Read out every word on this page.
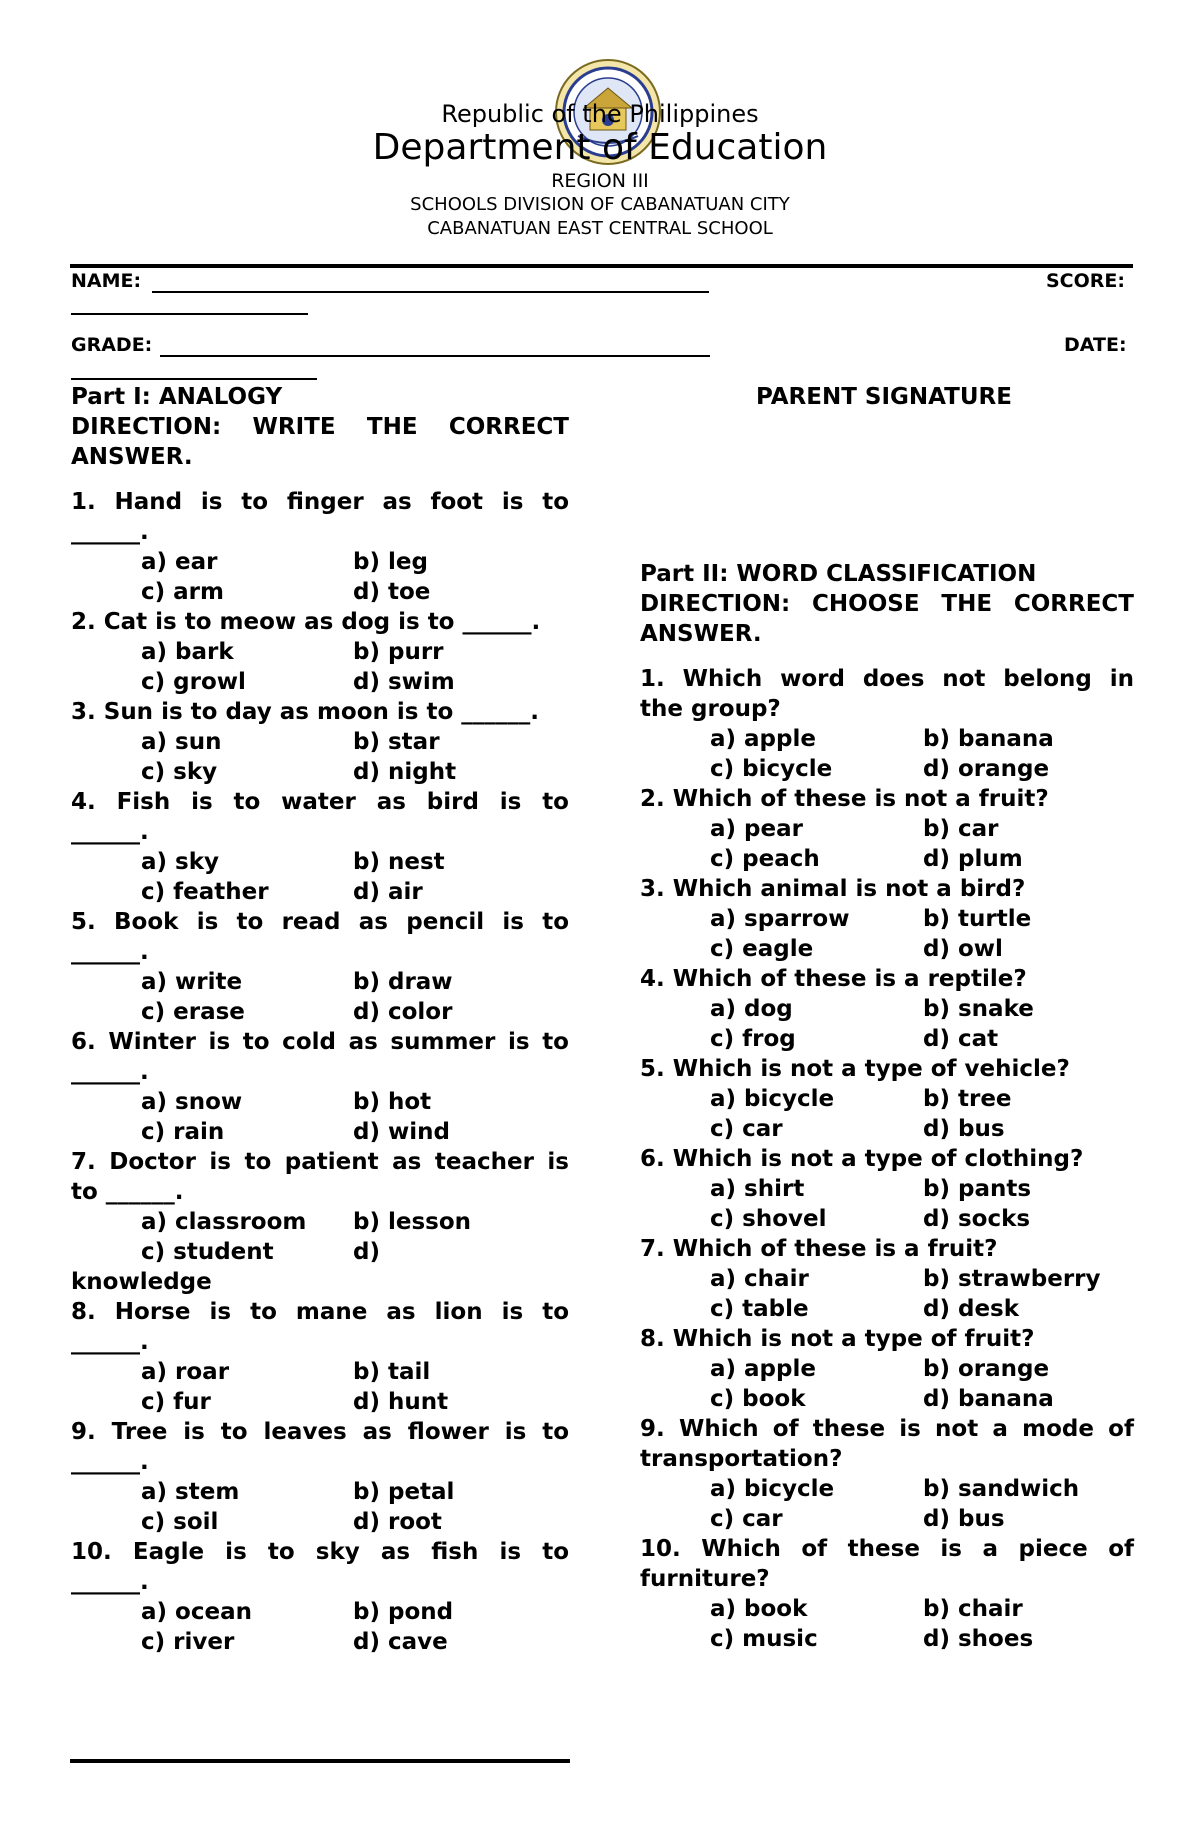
Republic of the Philippines
Department of Education
REGION III
SCHOOLS DIVISION OF CABANATUAN CITY
CABANATUAN EAST CENTRAL SCHOOL
NAME:	SCORE:
GRADE:	DATE:
PARENT SIGNATURE
Part I: ANALOGY
DIRECTION: WRITE THE CORRECT
ANSWER.
1. Hand is to finger as foot is to
______.
a) ear	b) leg
c) arm	d) toe
2. Cat is to meow as dog is to ______.
a) bark	b) purr
c) growl	d) swim
3. Sun is to day as moon is to ______.
a) sun	b) star
c) sky	d) night
4. Fish is to water as bird is to
______.
a) sky	b) nest
c) feather	d) air
5. Book is to read as pencil is to
______.
a) write	b) draw
c) erase	d) color
6. Winter is to cold as summer is to
______.
a) snow	b) hot
c) rain	d) wind
7. Doctor is to patient as teacher is
to ______.
a) classroom b) lesson
c) student	d)
knowledge
8. Horse is to mane as lion is to
______.
a) roar	b) tail
c) fur	d) hunt
9. Tree is to leaves as flower is to
______.
a) stem	b) petal
c) soil	d) root
10. Eagle is to sky as fish is to
______.
a) ocean	b) pond
c) river	d) cave
Part II: WORD CLASSIFICATION
DIRECTION: CHOOSE THE CORRECT
ANSWER.
1. Which word does not belong in
the group?
a) apple	b) banana
c) bicycle	d) orange
2. Which of these is not a fruit?
a) pear	b) car
c) peach	d) plum
3. Which animal is not a bird?
a) sparrow	b) turtle
c) eagle	d) owl
4. Which of these is a reptile?
a) dog	b) snake
c) frog	d) cat
5. Which is not a type of vehicle?
a) bicycle	b) tree
c) car	d) bus
6. Which is not a type of clothing?
a) shirt	b) pants
c) shovel	d) socks
7. Which of these is a fruit?
a) chair	b) strawberry
c) table	d) desk
8. Which is not a type of fruit?
a) apple	b) orange
c) book	d) banana
9. Which of these is not a mode of
transportation?
a) bicycle	b) sandwich
c) car	d) bus
10. Which of these is a piece of
furniture?
a) book	b) chair
c) music	d) shoes
